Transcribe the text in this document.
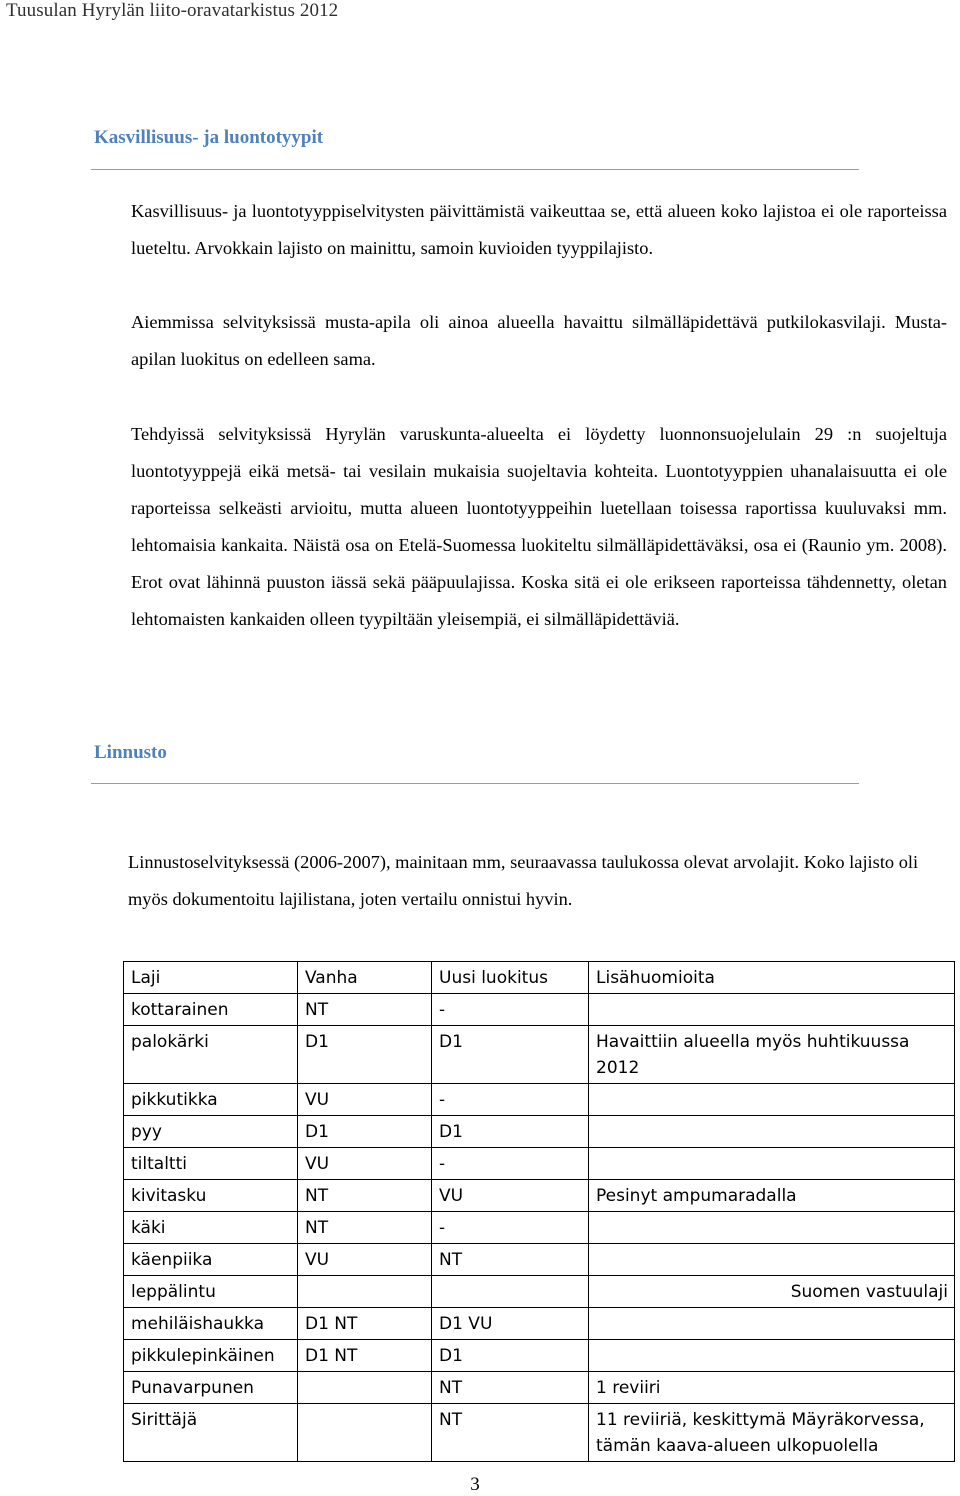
Tuusulan Hyrylän liito-oravatarkistus 2012
Kasvillisuus- ja luontotyypit
Kasvillisuus- ja luontotyyppiselvitysten päivittämistä vaikeuttaa se, että alueen koko lajistoa ei ole raporteissa lueteltu. Arvokkain lajisto on mainittu, samoin kuvioiden tyyppilajisto.
Aiemmissa selvityksissä musta-apila oli ainoa alueella havaittu silmälläpidettävä putkilokasvilaji. Musta-apilan luokitus on edelleen sama.
Tehdyissä selvityksissä Hyrylän varuskunta-alueelta ei löydetty luonnonsuojelulain 29 :n suojeltuja luontotyyppejä eikä metsä- tai vesilain mukaisia suojeltavia kohteita. Luontotyyppien uhanalaisuutta ei ole raporteissa selkeästi arvioitu, mutta alueen luontotyyppeihin luetellaan toisessa raportissa kuuluvaksi mm. lehtomaisia kankaita. Näistä osa on Etelä-Suomessa luokiteltu silmälläpidettäväksi, osa ei (Raunio ym. 2008). Erot ovat lähinnä puuston iässä sekä pääpuulajissa. Koska sitä ei ole erikseen raporteissa tähdennetty, oletan lehtomaisten kankaiden olleen tyypiltään yleisempiä, ei silmälläpidettäviä.
Linnusto
Linnustoselvityksessä (2006-2007), mainitaan mm, seuraavassa taulukossa olevat arvolajit. Koko lajisto oli myös dokumentoitu lajilistana, joten vertailu onnistui hyvin.
Laji	Vanha	Uusi luokitus	Lisähuomioita
kottarainen	NT	-	
palokärki	D1	D1	Havaittiin alueella myös huhtikuussa 2012
pikkutikka	VU	-	
pyy	D1	D1	
tiltaltti	VU	-	
kivitasku	NT	VU	Pesinyt ampumaradalla
käki	NT	-	
käenpiika	VU	NT	
leppälintu			Suomen vastuulaji
mehiläishaukka	D1 NT	D1 VU	
pikkulepinkäinen	D1 NT	D1	
Punavarpunen		NT	1 reviiri
Sirittäjä		NT	11 reviiriä, keskittymä Mäyräkorvessa, tämän kaava-alueen ulkopuolella
3
